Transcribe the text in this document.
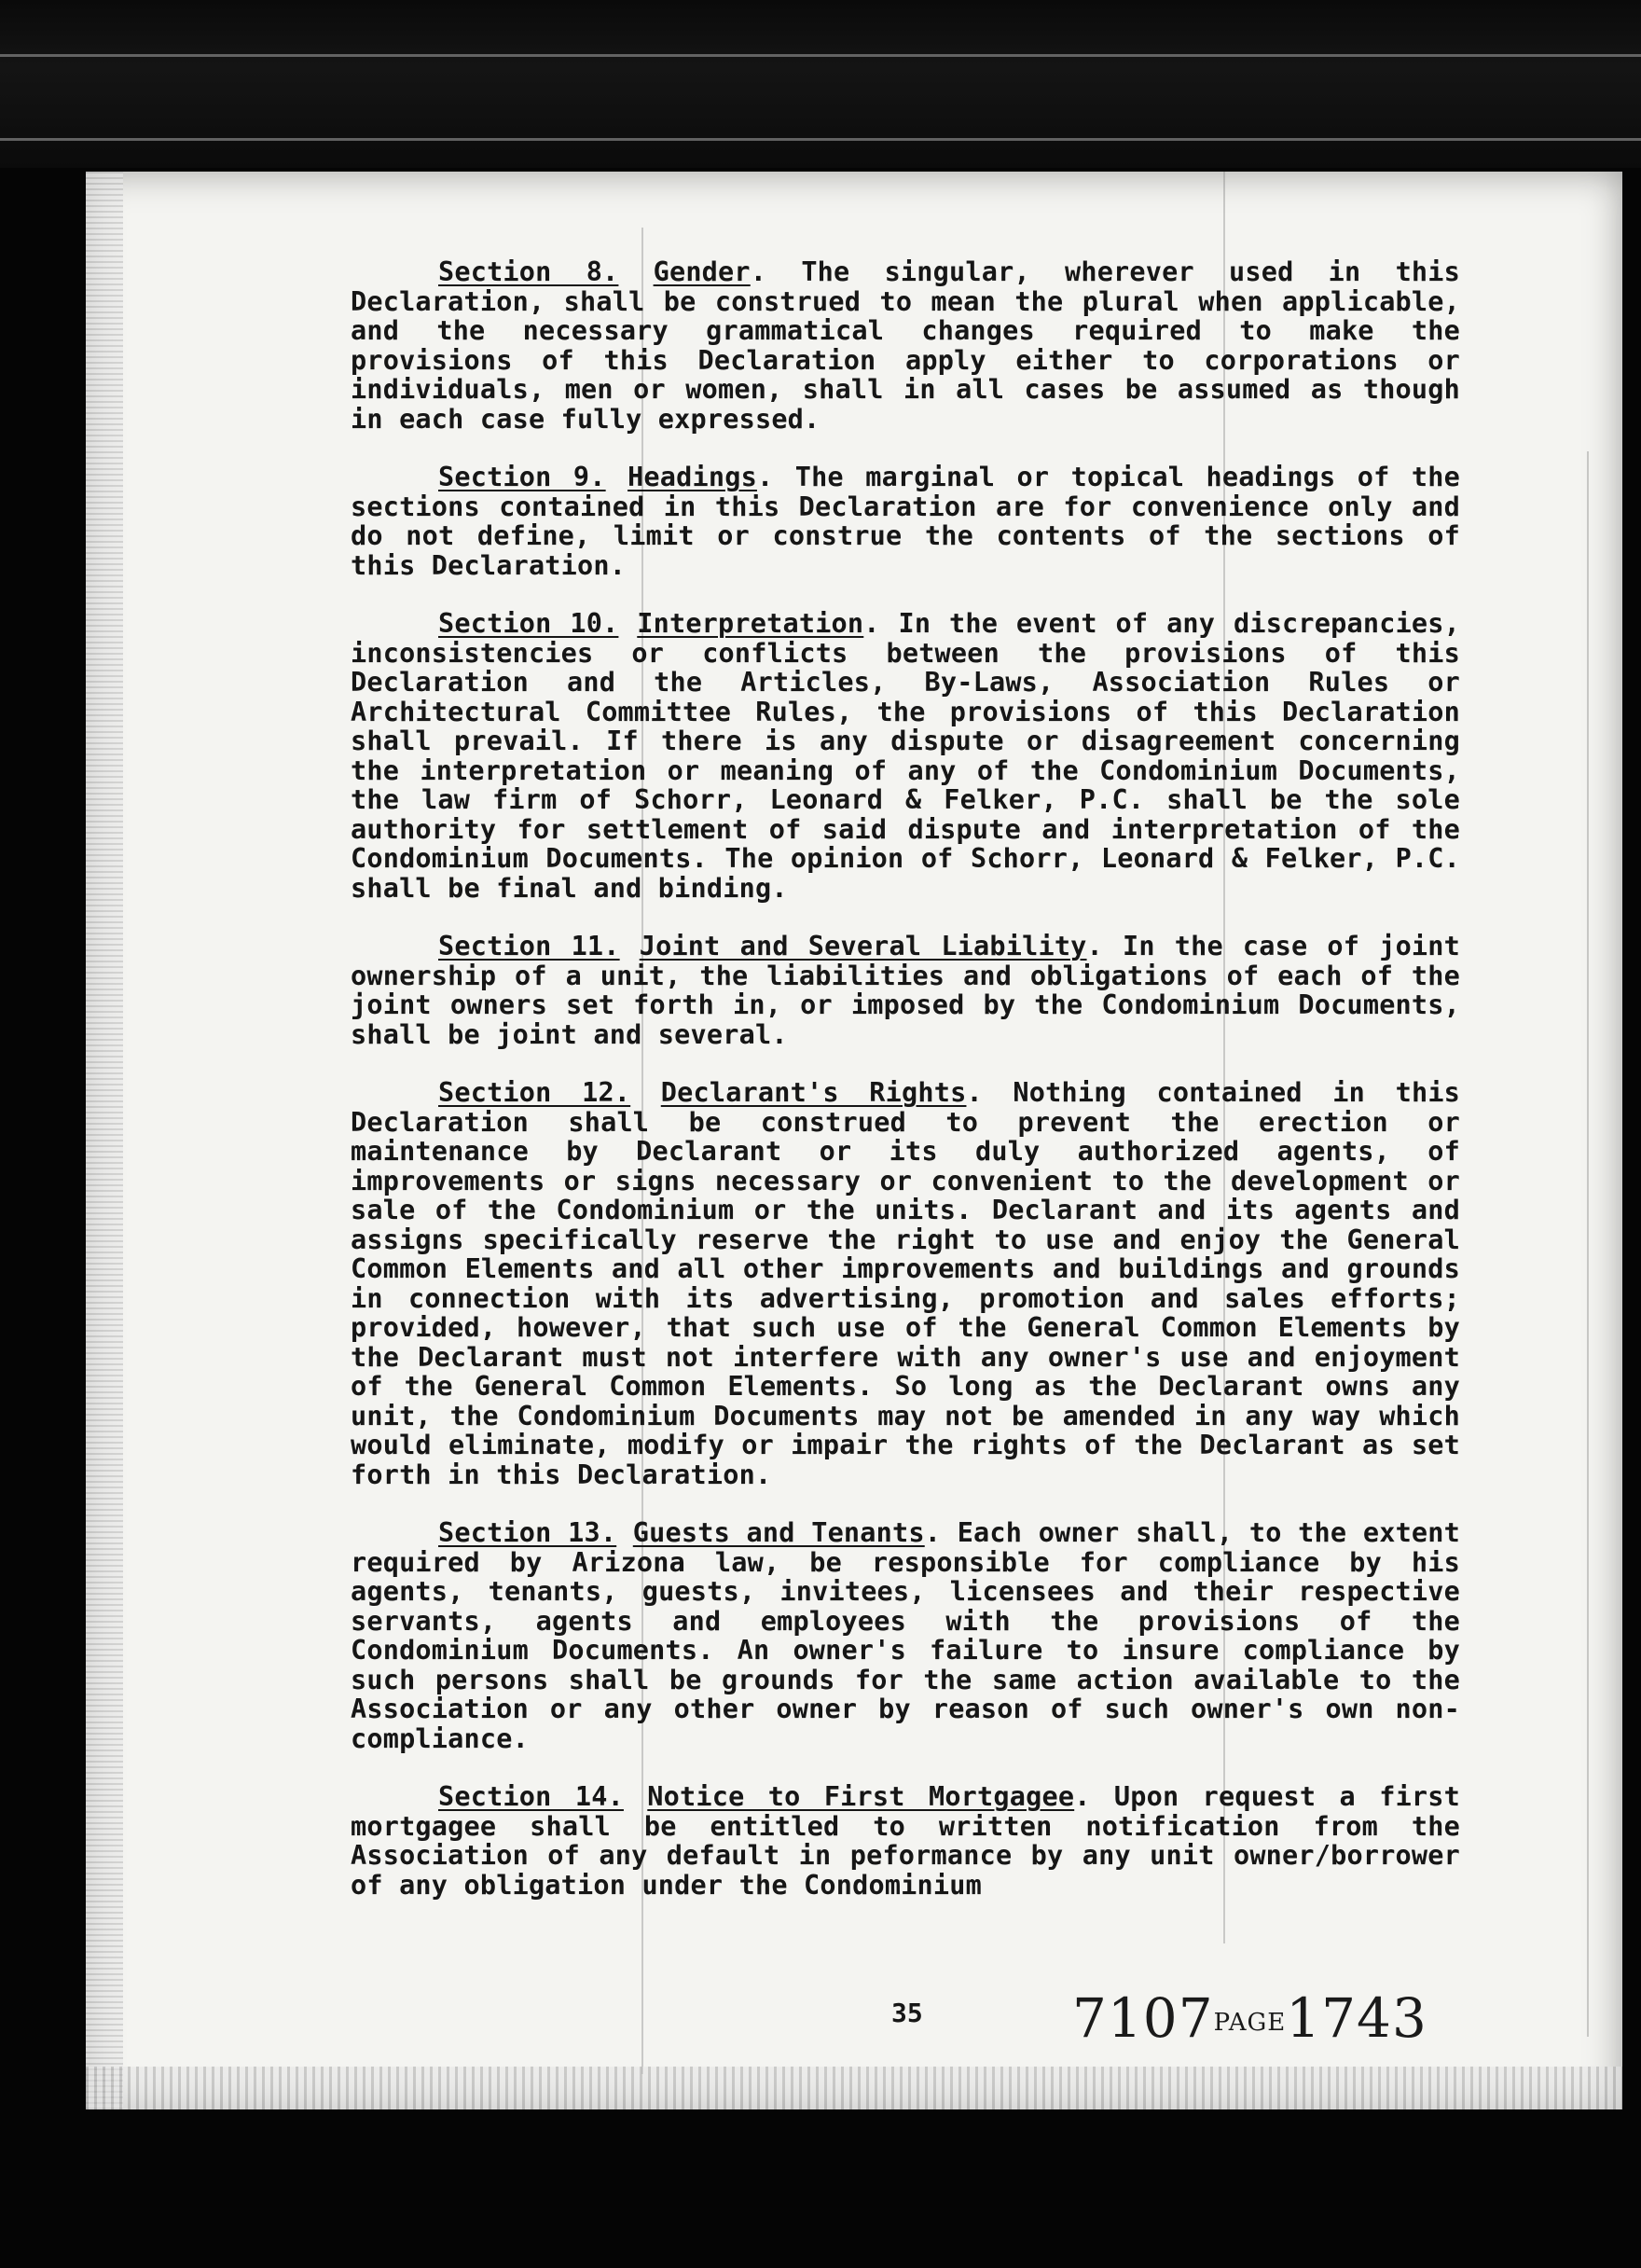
Section 8. Gender. The singular, wherever used in this Declaration, shall be construed to mean the plural when applicable, and the necessary grammatical changes required to make the provisions of this Declaration apply either to corporations or individuals, men or women, shall in all cases be assumed as though in each case fully expressed.

Section 9. Headings. The marginal or topical headings of the sections contained in this Declaration are for convenience only and do not define, limit or construe the contents of the sections of this Declaration.

Section 10. Interpretation. In the event of any discrepancies, inconsistencies or conflicts between the provisions of this Declaration and the Articles, By-Laws, Association Rules or Architectural Committee Rules, the provisions of this Declaration shall prevail. If there is any dispute or disagreement concerning the interpretation or meaning of any of the Condominium Documents, the law firm of Schorr, Leonard & Felker, P.C. shall be the sole authority for settlement of said dispute and interpretation of the Condominium Documents. The opinion of Schorr, Leonard & Felker, P.C. shall be final and binding.

Section 11. Joint and Several Liability. In the case of joint ownership of a unit, the liabilities and obligations of each of the joint owners set forth in, or imposed by the Condominium Documents, shall be joint and several.

Section 12. Declarant's Rights. Nothing contained in this Declaration shall be construed to prevent the erection or maintenance by Declarant or its duly authorized agents, of improvements or signs necessary or convenient to the development or sale of the Condominium or the units. Declarant and its agents and assigns specifically reserve the right to use and enjoy the General Common Elements and all other improvements and buildings and grounds in connection with its advertising, promotion and sales efforts; provided, however, that such use of the General Common Elements by the Declarant must not interfere with any owner's use and enjoyment of the General Common Elements. So long as the Declarant owns any unit, the Condominium Documents may not be amended in any way which would eliminate, modify or impair the rights of the Declarant as set forth in this Declaration.

Section 13. Guests and Tenants. Each owner shall, to the extent required by Arizona law, be responsible for compliance by his agents, tenants, guests, invitees, licensees and their respective servants, agents and employees with the provisions of the Condominium Documents. An owner's failure to insure compliance by such persons shall be grounds for the same action available to the Association or any other owner by reason of such owner's own non-compliance.

Section 14. Notice to First Mortgagee. Upon request a first mortgagee shall be entitled to written notification from the Association of any default in peformance by any unit owner/borrower of any obligation under the Condominium

35	7107PAGE1743
